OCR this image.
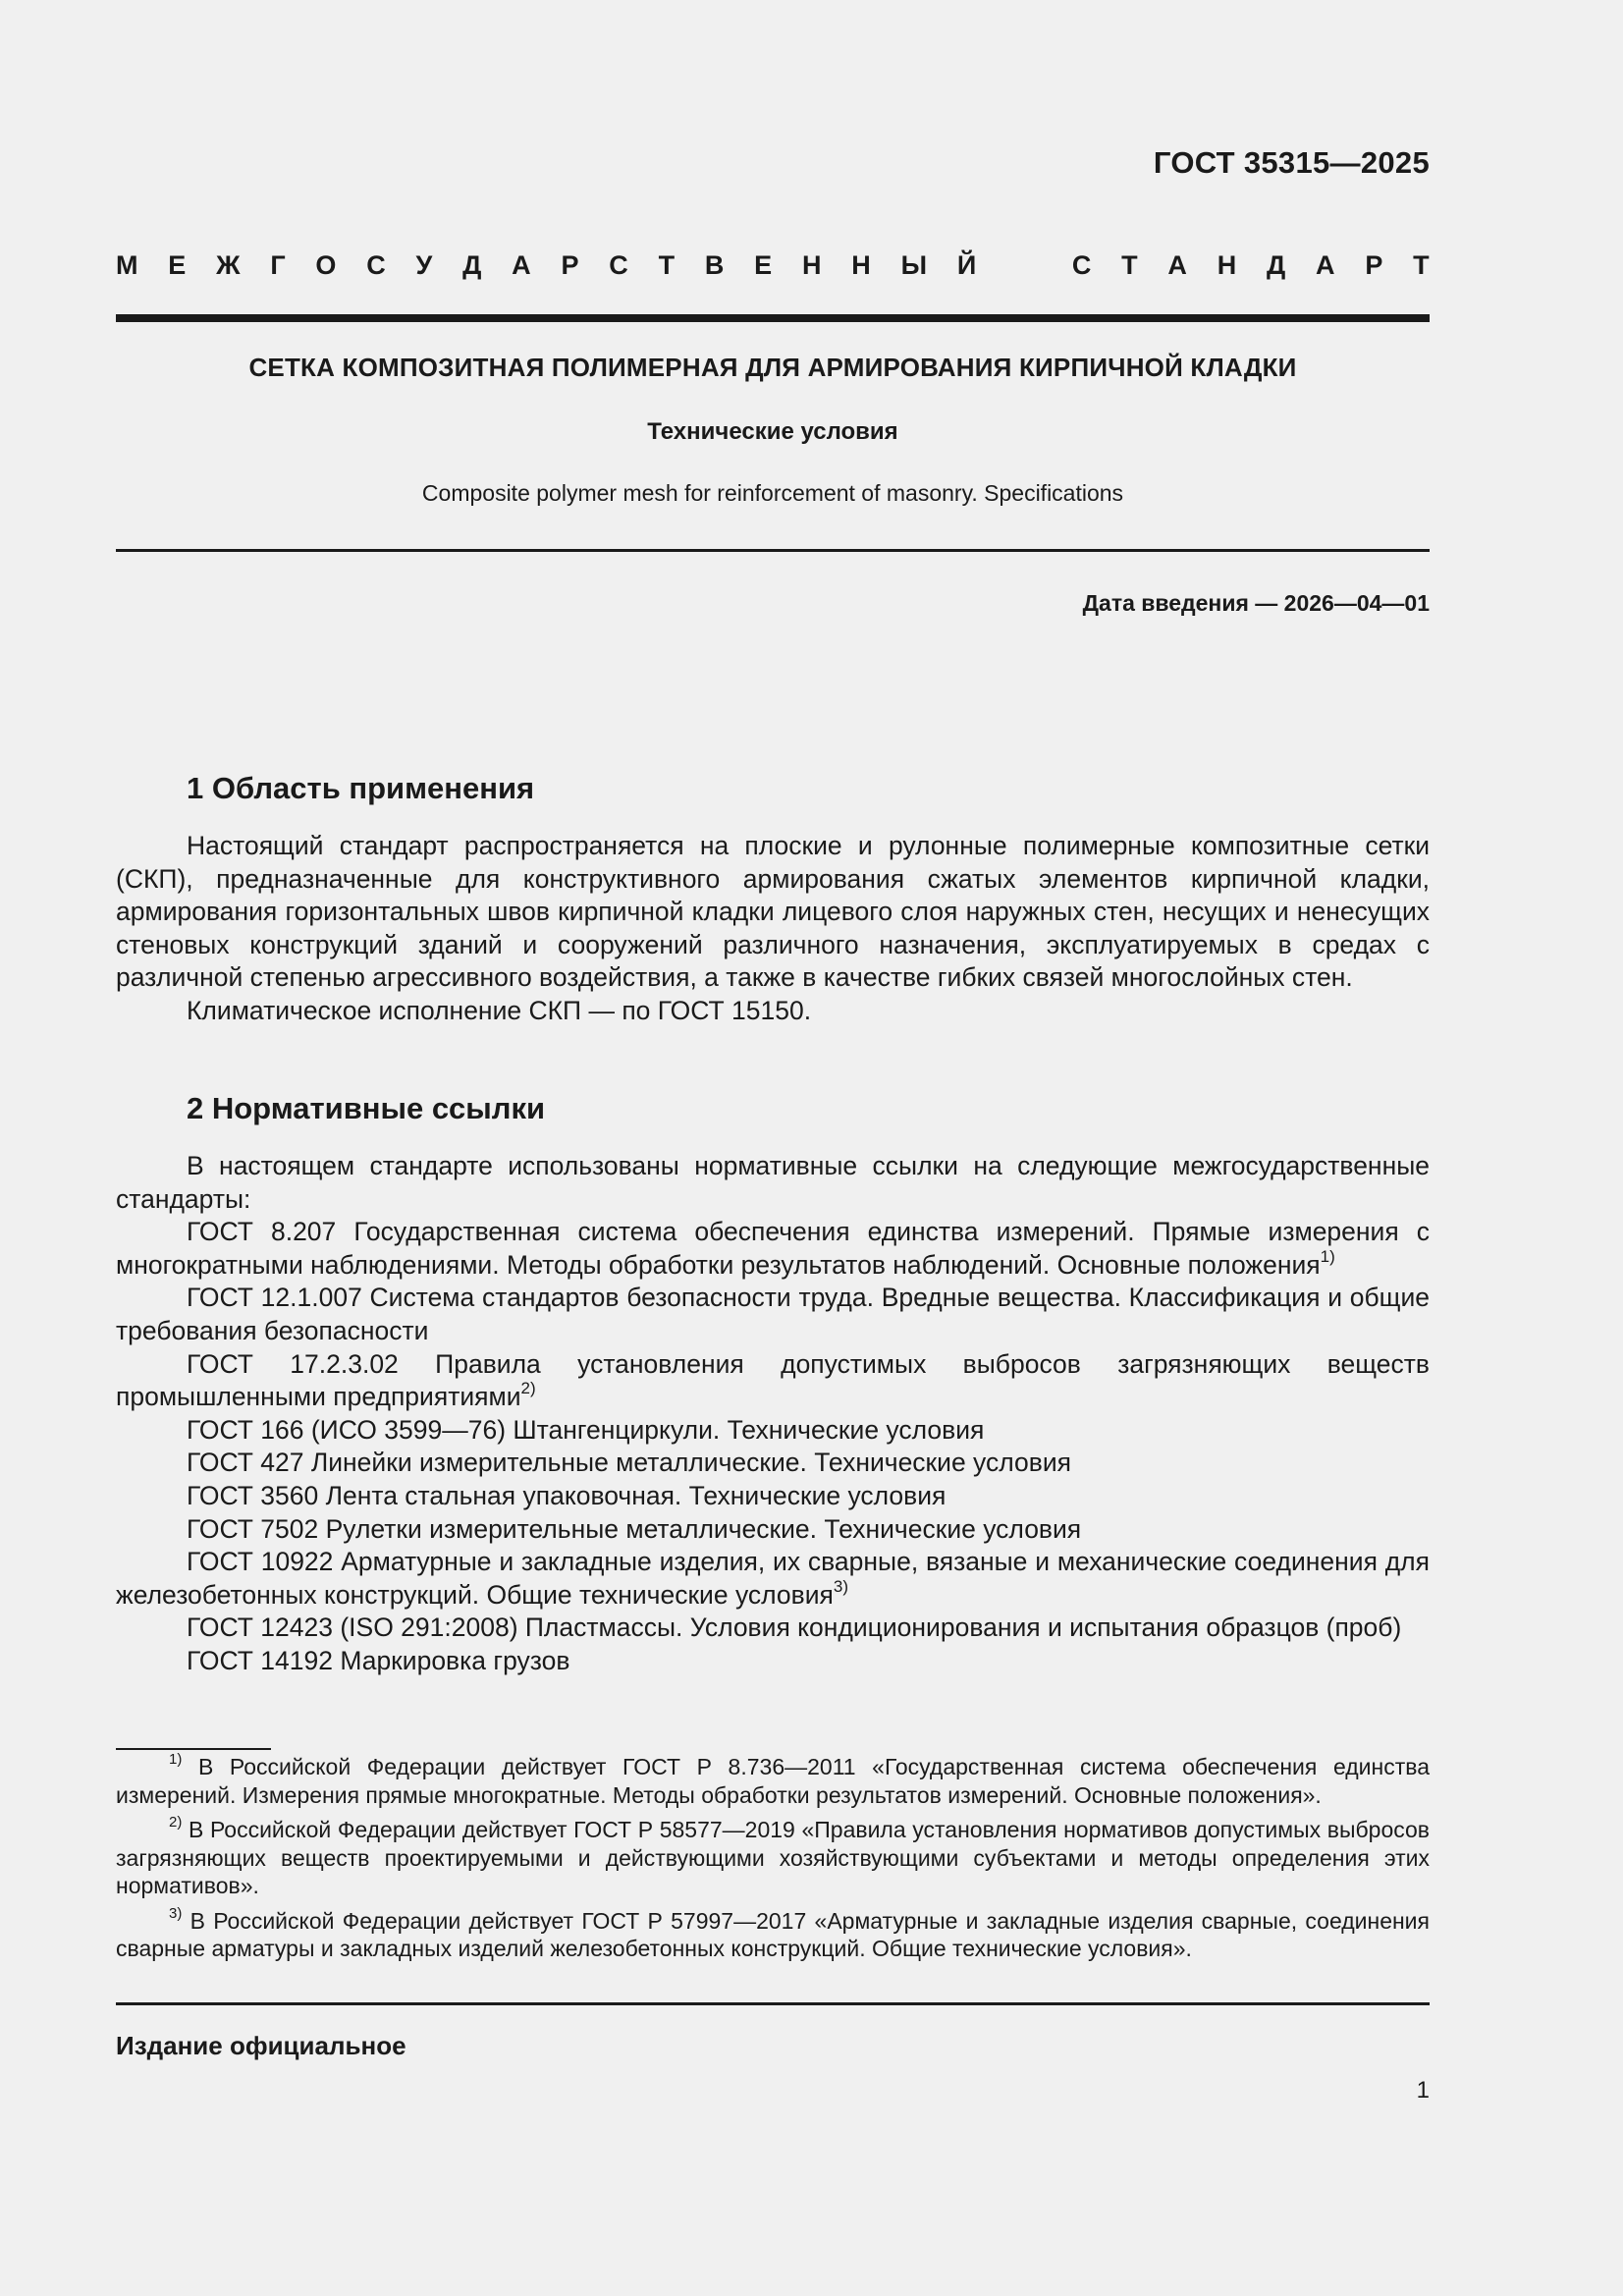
ГОСТ 35315—2025
М Е Ж Г О С У Д А Р С Т В Е Н Н Ы Й	С Т А Н Д А Р Т
СЕТКА КОМПОЗИТНАЯ ПОЛИМЕРНАЯ ДЛЯ АРМИРОВАНИЯ КИРПИЧНОЙ КЛАДКИ
Технические условия
Composite polymer mesh for reinforcement of masonry. Specifications
Дата введения — 2026—04—01
1 Область применения

Настоящий стандарт распространяется на плоские и рулонные полимерные композитные сетки (СКП), предназначенные для конструктивного армирования сжатых элементов кирпичной кладки, армирования горизонтальных швов кирпичной кладки лицевого слоя наружных стен, несущих и ненесущих стеновых конструкций зданий и сооружений различного назначения, эксплуатируемых в средах с различной степенью агрессивного воздействия, а также в качестве гибких связей многослойных стен.

Климатическое исполнение СКП — по ГОСТ 15150.

2 Нормативные ссылки

В настоящем стандарте использованы нормативные ссылки на следующие межгосударственные стандарты:

ГОСТ 8.207 Государственная система обеспечения единства измерений. Прямые измерения с многократными наблюдениями. Методы обработки результатов наблюдений. Основные положения$^{1)}$

ГОСТ 12.1.007 Система стандартов безопасности труда. Вредные вещества. Классификация и общие требования безопасности

ГОСТ 17.2.3.02 Правила установления допустимых выбросов загрязняющих веществ промышленными предприятиями$^{2)}$

ГОСТ 166 (ИСО 3599—76) Штангенциркули. Технические условия

ГОСТ 427 Линейки измерительные металлические. Технические условия

ГОСТ 3560 Лента стальная упаковочная. Технические условия

ГОСТ 7502 Рулетки измерительные металлические. Технические условия

ГОСТ 10922 Арматурные и закладные изделия, их сварные, вязаные и механические соединения для железобетонных конструкций. Общие технические условия$^{3)}$

ГОСТ 12423 (ISO 291:2008) Пластмассы. Условия кондиционирования и испытания образцов (проб)

ГОСТ 14192 Маркировка грузов

$^{1)}$ В Российской Федерации действует ГОСТ Р 8.736—2011 «Государственная система обеспечения единства измерений. Измерения прямые многократные. Методы обработки результатов измерений. Основные положения».

$^{2)}$ В Российской Федерации действует ГОСТ Р 58577—2019 «Правила установления нормативов допустимых выбросов загрязняющих веществ проектируемыми и действующими хозяйствующими субъектами и методы определения этих нормативов».

$^{3)}$ В Российской Федерации действует ГОСТ Р 57997—2017 «Арматурные и закладные изделия сварные, соединения сварные арматуры и закладных изделий железобетонных конструкций. Общие технические условия».

Издание официальное
1
